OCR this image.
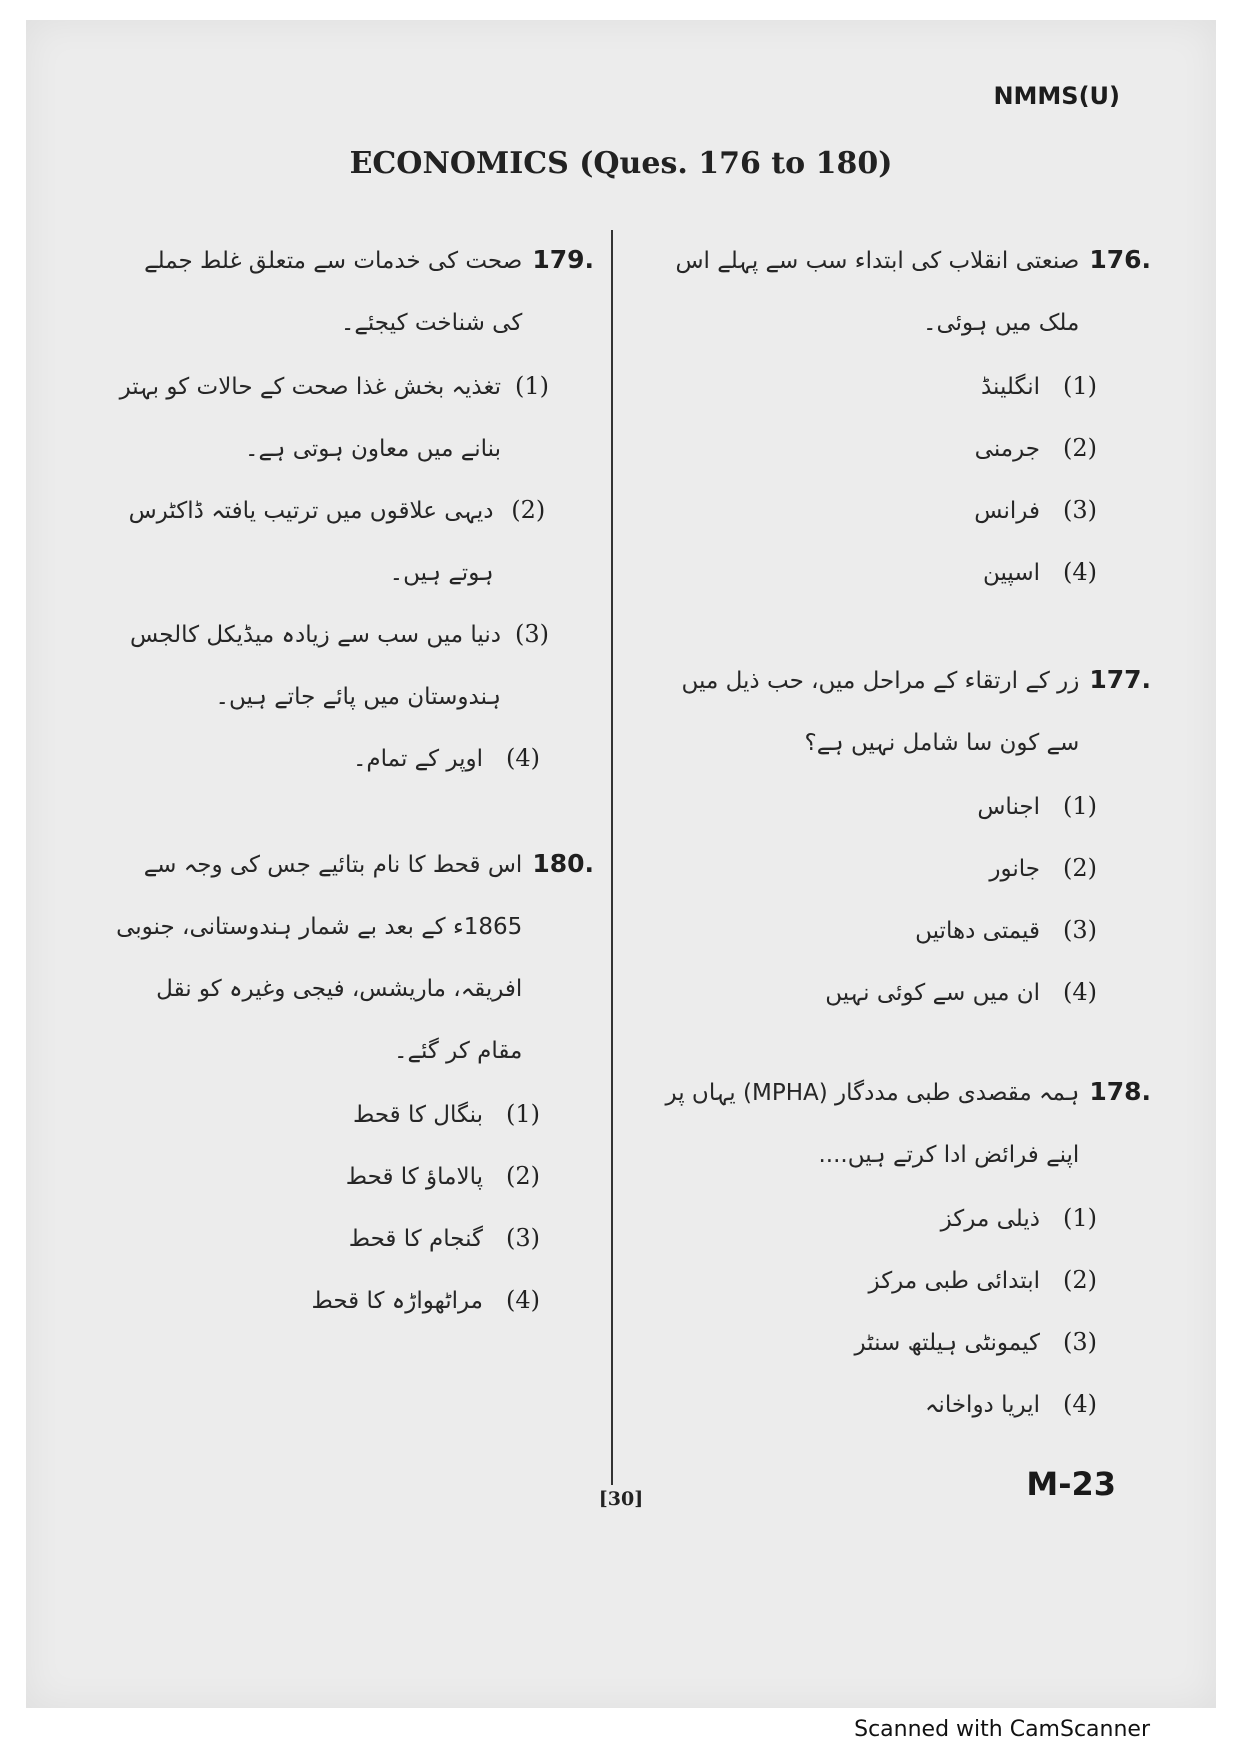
NMMS(U)
ECONOMICS (Ques. 176 to 180)
176.
صنعتی انقلاب کی ابتداء سب سے پہلے اس ملک میں ہوئی۔
(1)
انگلینڈ
(2)
جرمنی
(3)
فرانس
(4)
اسپین
177.
زر کے ارتقاء کے مراحل میں، حب ذیل میں سے کون سا شامل نہیں ہے؟
(1)
اجناس
(2)
جانور
(3)
قیمتی دھاتیں
(4)
ان میں سے کوئی نہیں
178.
ہمہ مقصدی طبی مددگار (MPHA) یہاں پر اپنے فرائض ادا کرتے ہیں....
(1)
ذیلی مرکز
(2)
ابتدائی طبی مرکز
(3)
کیمونٹی ہیلتھ سنٹر
(4)
ایریا دواخانہ
179.
صحت کی خدمات سے متعلق غلط جملے کی شناخت کیجئے۔
(1)
تغذیہ بخش غذا صحت کے حالات کو بہتر بنانے میں معاون ہوتی ہے۔
(2)
دیہی علاقوں میں ترتیب یافتہ ڈاکٹرس ہوتے ہیں۔
(3)
دنیا میں سب سے زیادہ میڈیکل کالجس ہندوستان میں پائے جاتے ہیں۔
(4)
اوپر کے تمام۔
180.
اس قحط کا نام بتائیے جس کی وجہ سے 1865ء کے بعد بے شمار ہندوستانی، جنوبی افریقہ، ماریشس، فیجی وغیرہ کو نقل مقام کر گئے۔
(1)
بنگال کا قحط
(2)
پالاماؤ کا قحط
(3)
گنجام کا قحط
(4)
مراٹھواڑہ کا قحط
[30]	M-23
Scanned with CamScanner
